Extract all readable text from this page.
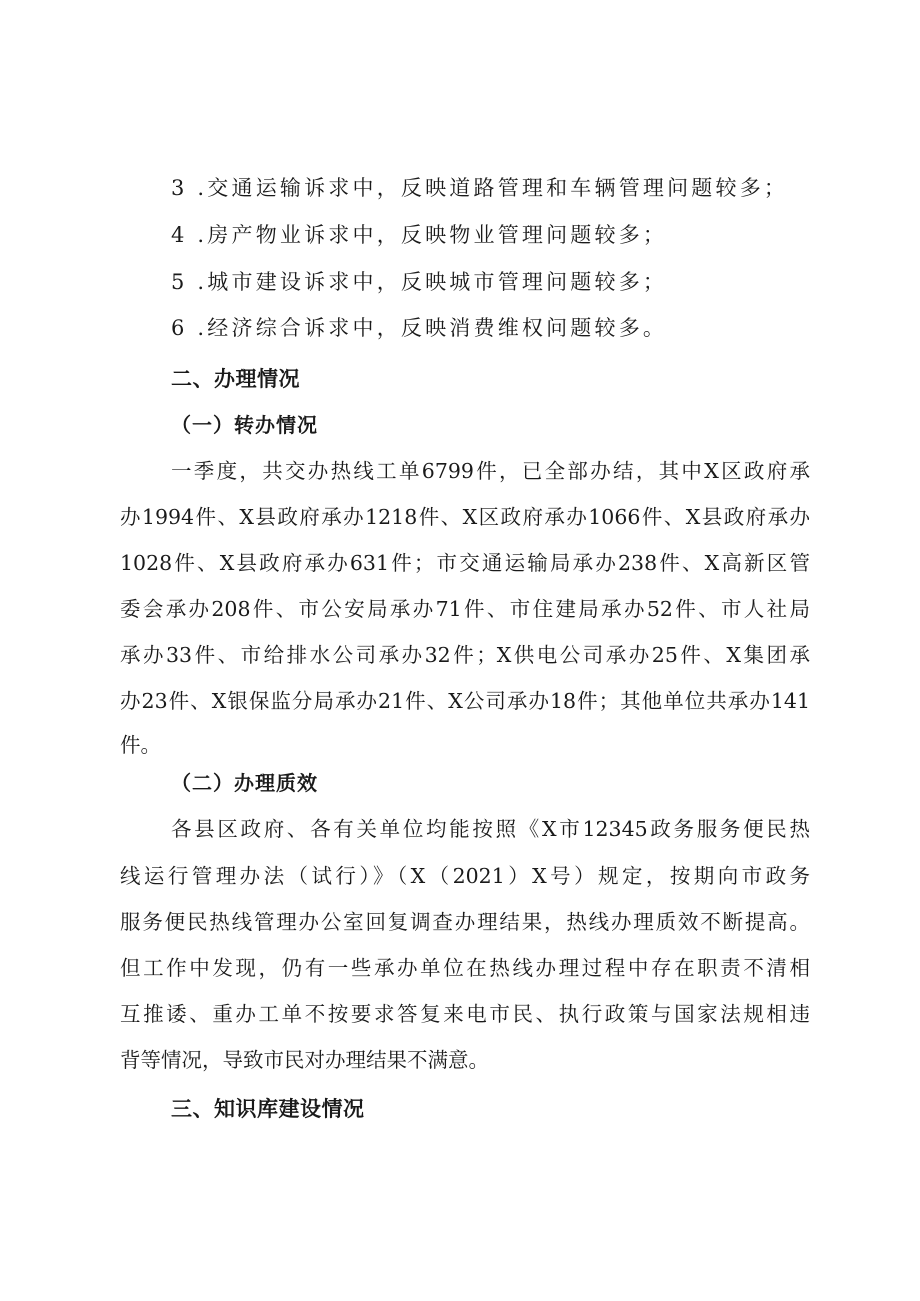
3 .交通运输诉求中，反映道路管理和车辆管理问题较多；
4 .房产物业诉求中，反映物业管理问题较多；
5 .城市建设诉求中，反映城市管理问题较多；
6 .经济综合诉求中，反映消费维权问题较多。
二、办理情况
（一）转办情况
一季度，共交办热线工单6799件，已全部办结，其中X区政府承
办1994件、X县政府承办1218件、X区政府承办1066件、X县政府承办
1028件、X县政府承办631件；市交通运输局承办238件、X高新区管
委会承办208件、市公安局承办71件、市住建局承办52件、市人社局
承办33件、市给排水公司承办32件；X供电公司承办25件、X集团承
办23件、X银保监分局承办21件、X公司承办18件；其他单位共承办141
件。
（二）办理质效
各县区政府、各有关单位均能按照《X市12345政务服务便民热
线运行管理办法（试行）》（X（2021）X号）规定，按期向市政务
服务便民热线管理办公室回复调查办理结果，热线办理质效不断提高。
但工作中发现，仍有一些承办单位在热线办理过程中存在职责不清相
互推诿、重办工单不按要求答复来电市民、执行政策与国家法规相违
背等情况，导致市民对办理结果不满意。
三、知识库建设情况
